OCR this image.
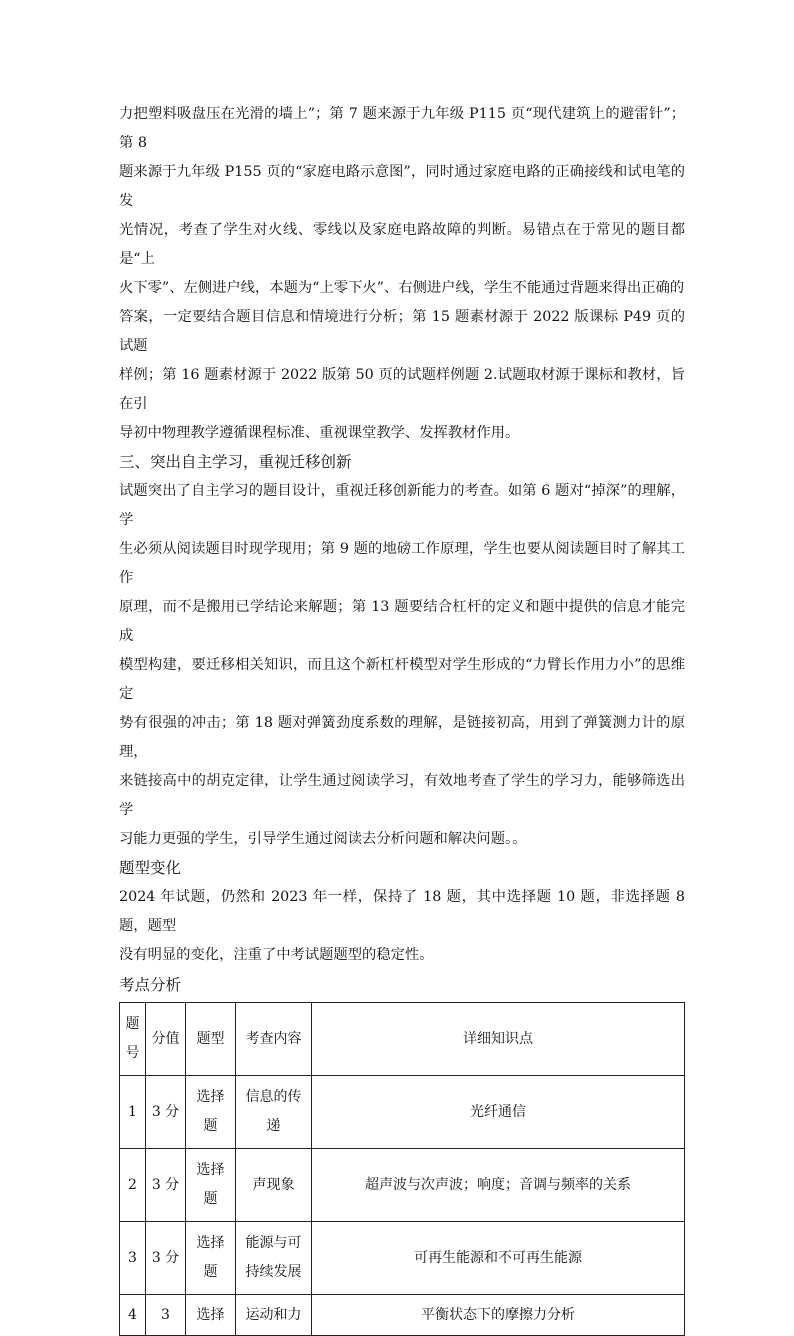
力把塑料吸盘压在光滑的墙上”；第 7 题来源于九年级 P115 页“现代建筑上的避雷针”；第 8

题来源于九年级 P155 页的“家庭电路示意图”，同时通过家庭电路的正确接线和试电笔的发

光情况，考查了学生对火线、零线以及家庭电路故障的判断。易错点在于常见的题目都是“上

火下零”、左侧进户线，本题为“上零下火”、右侧进户线，学生不能通过背题来得出正确的

答案，一定要结合题目信息和情境进行分析；第 15 题素材源于 2022 版课标 P49 页的试题

样例；第 16 题素材源于 2022 版第 50 页的试题样例题 2.试题取材源于课标和教材，旨在引

导初中物理教学遵循课程标准、重视课堂教学、发挥教材作用。

三、突出自主学习，重视迁移创新

试题突出了自主学习的题目设计，重视迁移创新能力的考查。如第 6 题对“掉深”的理解，学

生必须从阅读题目时现学现用；第 9 题的地磅工作原理，学生也要从阅读题目时了解其工作

原理，而不是搬用已学结论来解题；第 13 题要结合杠杆的定义和题中提供的信息才能完成

模型构建，要迁移相关知识，而且这个新杠杆模型对学生形成的“力臂长作用力小”的思维定

势有很强的冲击；第 18 题对弹簧劲度系数的理解，是链接初高，用到了弹簧测力计的原理，

来链接高中的胡克定律，让学生通过阅读学习，有效地考查了学生的学习力，能够筛选出学

习能力更强的学生，引导学生通过阅读去分析问题和解决问题。。

题型变化

2024 年试题，仍然和 2023 年一样，保持了 18 题，其中选择题 10 题，非选择题 8 题，题型

没有明显的变化，注重了中考试题题型的稳定性。

考点分析

题号	分值	题型	考查内容	详细知识点
1	3 分	选择题	信息的传递	光纤通信
2	3 分	选择题	声现象	超声波与次声波；响度；音调与频率的关系
3	3 分	选择题	能源与可持续发展	可再生能源和不可再生能源
4	3	选择	运动和力	平衡状态下的摩擦力分析
